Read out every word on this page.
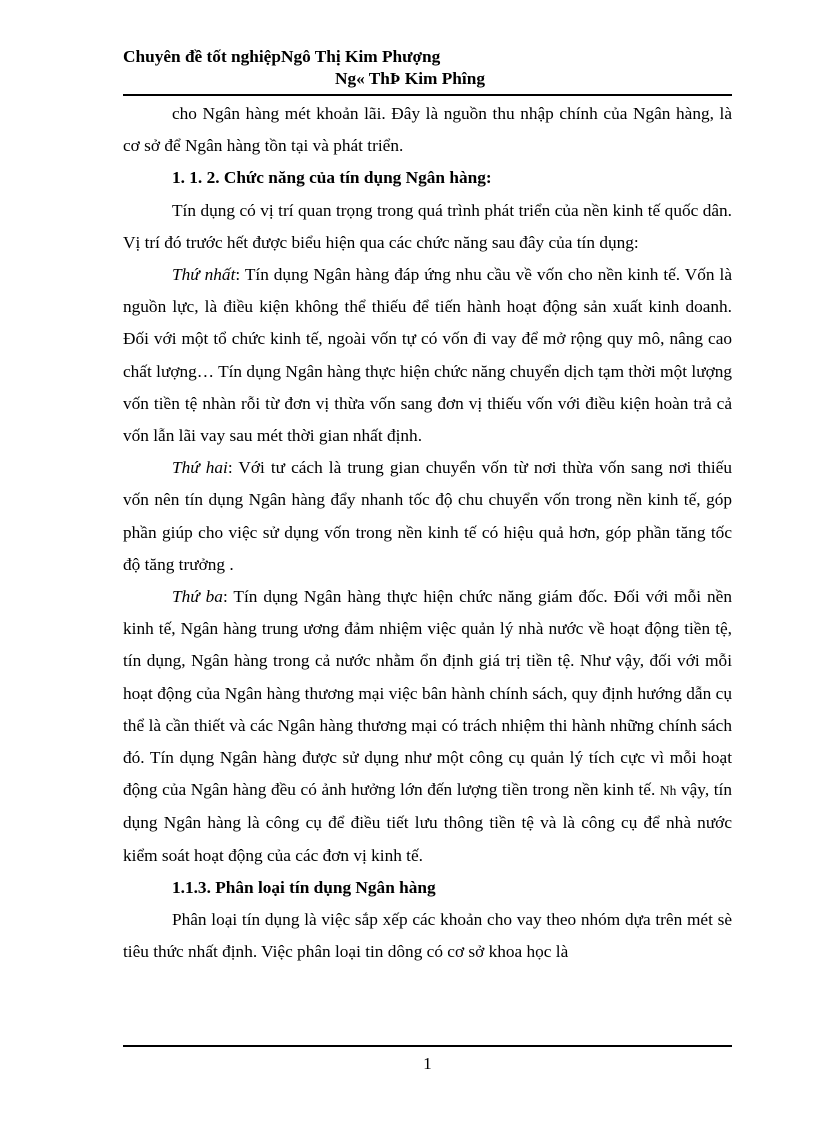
Chuyên đề tốt nghiệpNgô Thị Kim Phượng
Ng« ThÞ Kim Phîng

cho Ngân hàng mét khoản lãi. Đây là nguồn thu nhập chính của Ngân hàng, là cơ sở để Ngân hàng tồn tại và phát triển.

1. 1. 2. Chức năng của tín dụng Ngân hàng:

Tín dụng có vị trí quan trọng trong quá trình phát triển của nền kinh tế quốc dân. Vị trí đó trước hết được biểu hiện qua các chức năng sau đây của tín dụng:

Thứ nhất: Tín dụng Ngân hàng đáp ứng nhu cầu về vốn cho nền kinh tế. Vốn là nguồn lực, là điều kiện không thể thiếu để tiến hành hoạt động sản xuất kinh doanh. Đối với một tổ chức kinh tế, ngoài vốn tự có vốn đi vay để mở rộng quy mô, nâng cao chất lượng… Tín dụng Ngân hàng thực hiện chức năng chuyển dịch tạm thời một lượng vốn tiền tệ nhàn rỗi từ đơn vị thừa vốn sang đơn vị thiếu vốn với điều kiện hoàn trả cả vốn lẫn lãi vay sau mét thời gian nhất định.

Thứ hai: Với tư cách là trung gian chuyển vốn từ nơi thừa vốn sang nơi thiếu vốn nên tín dụng Ngân hàng đẩy nhanh tốc độ chu chuyển vốn trong nền kinh tế, góp phần giúp cho việc sử dụng vốn trong nền kinh tế có hiệu quả hơn, góp phần tăng tốc độ tăng trưởng .

Thứ ba: Tín dụng Ngân hàng thực hiện chức năng giám đốc. Đối với mỗi nền kinh tế, Ngân hàng trung ương đảm nhiệm việc quản lý nhà nước về hoạt động tiền tệ, tín dụng, Ngân hàng trong cả nước nhằm ổn định giá trị tiền tệ. Như vậy, đối với mỗi hoạt động của Ngân hàng thương mại việc bân hành chính sách, quy định hướng dẫn cụ thể là cần thiết và các Ngân hàng thương mại có trách nhiệm thi hành những chính sách đó. Tín dụng Ngân hàng được sử dụng như một công cụ quản lý tích cực vì mỗi hoạt động của Ngân hàng đều có ảnh hưởng lớn đến lượng tiền trong nền kinh tế. Nh vậy, tín dụng Ngân hàng là công cụ để điều tiết lưu thông tiền tệ và là công cụ để nhà nước kiểm soát hoạt động của các đơn vị kinh tế.

1.1.3. Phân loại tín dụng Ngân hàng

Phân loại tín dụng là việc sắp xếp các khoản cho vay theo nhóm dựa trên mét sè tiêu thức nhất định. Việc phân loại tin dông có cơ sở khoa học là

1
